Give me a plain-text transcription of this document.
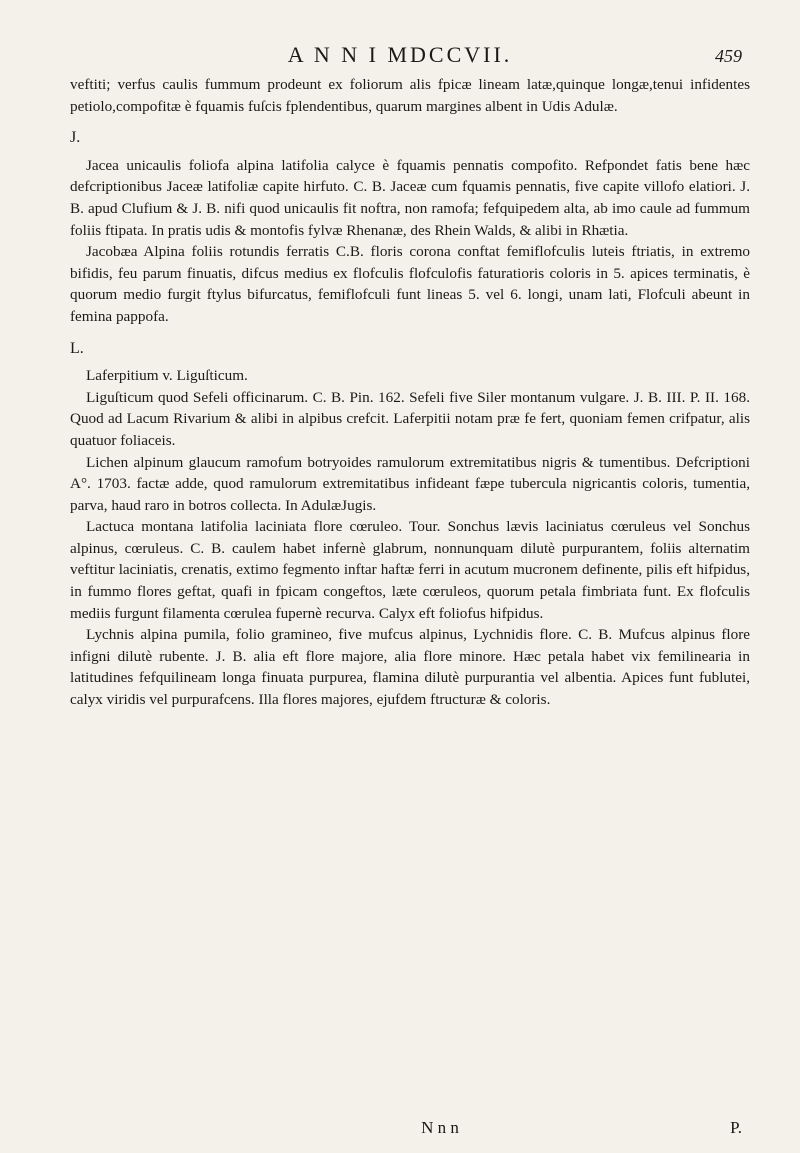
A N N I MDCCVII.	459

veftiti; verfus caulis fummum prodeunt ex foliorum alis fpicæ lineam latæ,quinque longæ,tenui infidentes petiolo,compofitæ è fquamis fuſcis fplendentibus, quarum margines albent in Udis Adulæ.

J.

Jacea unicaulis foliofa alpina latifolia calyce è fquamis pennatis compofito. Refpondet fatis bene hæc defcriptionibus Jaceæ latifoliæ capite hirfuto. C. B. Jaceæ cum fquamis pennatis, five capite villofo elatiori. J. B. apud Clufium & J. B. nifi quod unicaulis fit noftra, non ramofa; fefquipedem alta, ab imo caule ad fummum foliis ftipata. In pratis udis & montofis fylvæ Rhenanæ, des Rhein Walds, & alibi in Rhætia.

Jacobæa Alpina foliis rotundis ferratis C.B. floris corona conftat femiflofculis luteis ftriatis, in extremo bifidis, feu parum finuatis, difcus medius ex flofculis flofculofis faturatioris coloris in 5. apices terminatis, è quorum medio furgit ftylus bifurcatus, femiflofculi funt lineas 5. vel 6. longi, unam lati, Flofculi abeunt in femina pappofa.

L.

Laferpitium v. Liguſticum.

Liguſticum quod Sefeli officinarum. C. B. Pin. 162. Sefeli five Siler montanum vulgare. J. B. III. P. II. 168. Quod ad Lacum Rivarium & alibi in alpibus crefcit. Laferpitii notam præ fe fert, quoniam femen crifpatur, alis quatuor foliaceis.

Lichen alpinum glaucum ramofum botryoides ramulorum extremitatibus nigris & tumentibus. Defcriptioni A°. 1703. factæ adde, quod ramulorum extremitatibus infideant fæpe tubercula nigricantis coloris, tumentia, parva, haud raro in botros collecta. In AdulæJugis.

Lactuca montana latifolia laciniata flore cœruleo. Tour. Sonchus lævis laciniatus cœruleus vel Sonchus alpinus, cœruleus. C. B. caulem habet infernè glabrum, nonnunquam dilutè purpurantem, foliis alternatim veftitur laciniatis, crenatis, extimo fegmento inftar haftæ ferri in acutum mucronem definente, pilis eft hifpidus, in fummo flores geftat, quafi in fpicam congeftos, læte cœruleos, quorum petala fimbriata funt. Ex flofculis mediis furgunt filamenta cœrulea fupernè recurva. Calyx eft foliofus hifpidus.

Lychnis alpina pumila, folio gramineo, five mufcus alpinus, Lychnidis flore. C. B. Mufcus alpinus flore infigni dilutè rubente. J. B. alia eft flore majore, alia flore minore. Hæc petala habet vix femilinearia in latitudines fefquilineam longa finuata purpurea, flamina dilutè purpurantia vel albentia. Apices funt fublutei, calyx viridis vel purpurafcens. Illa flores majores, ejufdem ftructuræ & coloris.

N n n	P.
